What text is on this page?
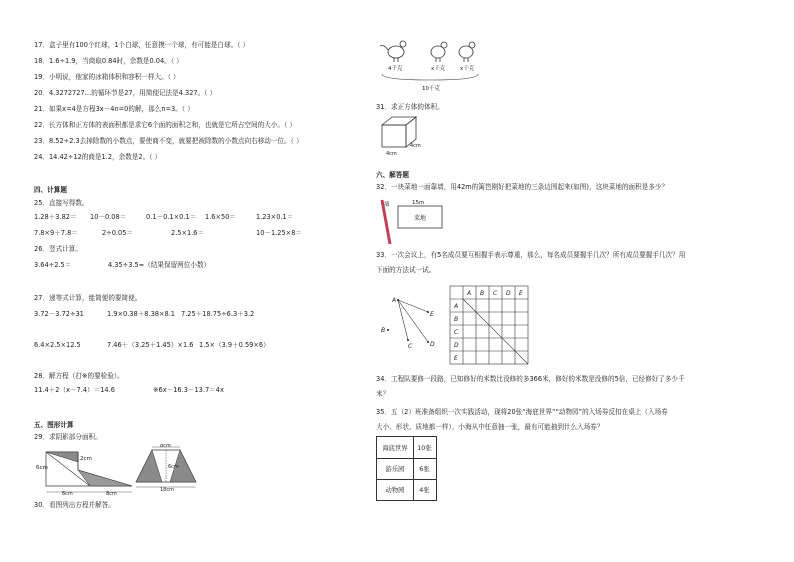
17．盒子里有100个红球，1个白球，任意摸一个球，有可能是白球。（ ）
18．1.6÷1.9，当商取0.84时，余数是0.04。（ ）
19．小明说，他家的冰箱体积和容积一样大。（ ）
20．4.3272727…的循环节是27，用简便记法是4.327。（ ）
21．如果x=4是方程3x－4n=0的解，那么n=3。（ ）
22．长方体和正方体的表面积都是求它6个面的面积之和，也就是它所占空间的大小。（ ）
23．8.52÷2.3去掉除数的小数点，要使商不变，就要把被除数的小数点向右移动一位。（ ）
24．14.42÷12的商是1.2，余数是2。（ ）
四、计算题
25．直接写得数。
1.28＋3.82＝ 10－0.08＝	0.1－0.1×0.1＝ 1.6×50＝	1.23×0.1＝
7.8×9＋7.8＝	2÷0.05＝	2.5×1.6＝	10－1.25×8＝
26．竖式计算。
3.64÷2.5＝	4.35÷3.5≈（结果保留两位小数）
27．递等式计算，能简便的要简便。
3.72－3.72÷31	1.9×0.38＋8.38×8.1 7.25＋18.75÷6.3＋3.2
6.4×2.5×12.5	7.46＋（3.25＋1.45）×1.6 1.5×（3.9＋0.59×6）
28．解方程（打※的要检验）。
11.4＋2（x－7.4）＝14.6	※6x－16.3－13.7＝4x
五、图形计算
29．求阴影部分面积。
6cm
2cm
6cm	8cm
8cm
6cm
18cm
30．看图列出方程并解答。
4千克	x千克	x千克
10千克
31．求正方体的体积。
4cm
4cm
六、解答题
32．一块菜地一面靠墙，用42m的篱笆刚好把菜地的三条边围起来(如图)，这块菜地的面积是多少？
墙	15m
菜地
33．一次会议上，有5名成员要互相握手表示尊重，那么，每名成员要握手几次？所有成员要握手几次？用
下面的方法试一试。
A
E
B
C	D
A B C D E
A
B
C
D
E
34．工程队要修一段路，已知修好的米数比没修的多366米，修好的米数是没修的5倍，已经修好了多少千
米？
35．五（2）班准备组织一次实践活动，现将20张“海底世界”“动物园”的入场券反扣在桌上（入场券
大小、形状、质地都一样），小海从中任意抽一张，最有可能抽到什么入场券？
海底世界	10张
游乐园	6张
动物园	4张
